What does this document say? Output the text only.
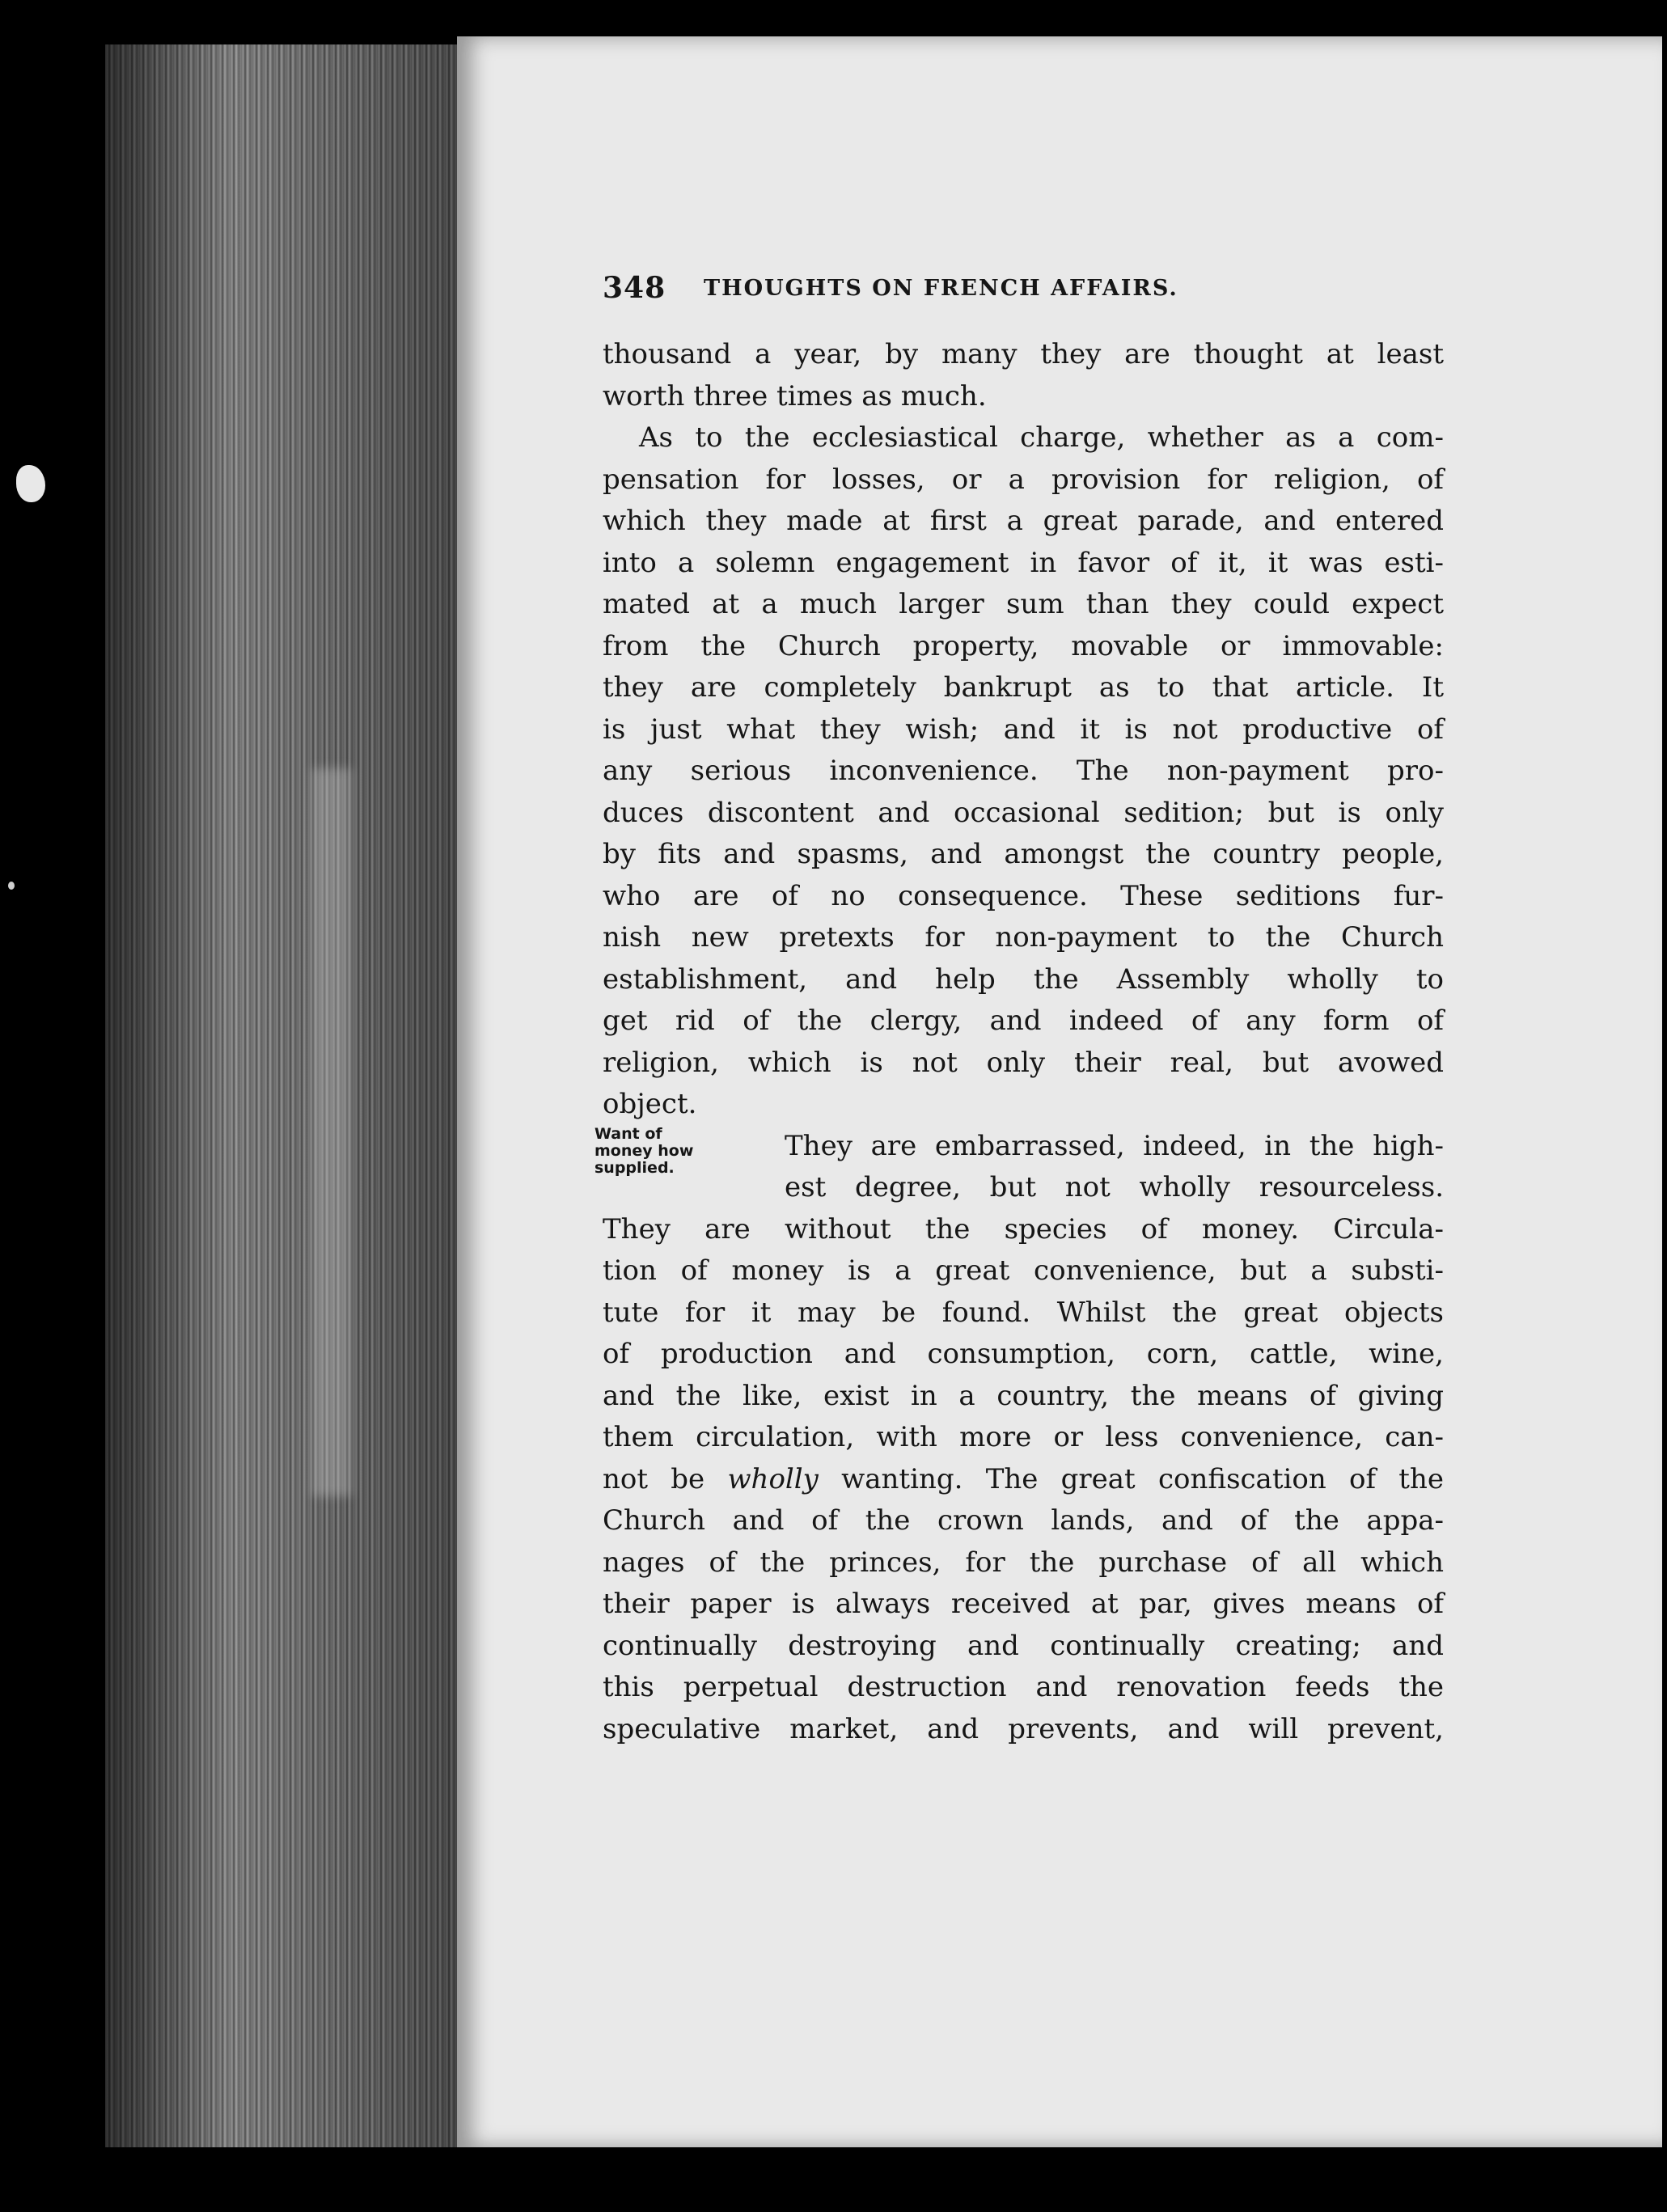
348 THOUGHTS ON FRENCH AFFAIRS.
thousand a year, by many they are thought at least
worth three times as much.
As to the ecclesiastical charge, whether as a com-
pensation for losses, or a provision for religion, of
which they made at first a great parade, and entered
into a solemn engagement in favor of it, it was esti-
mated at a much larger sum than they could expect
from the Church property, movable or immovable:
they are completely bankrupt as to that article. It
is just what they wish; and it is not productive of
any serious inconvenience. The non-payment pro-
duces discontent and occasional sedition; but is only
by fits and spasms, and amongst the country people,
who are of no consequence. These seditions fur-
nish new pretexts for non-payment to the Church
establishment, and help the Assembly wholly to
get rid of the clergy, and indeed of any form of
religion, which is not only their real, but avowed
object.
Want of
money how
supplied.
They are embarrassed, indeed, in the high-
est degree, but not wholly resourceless.
They are without the species of money. Circula-
tion of money is a great convenience, but a substi-
tute for it may be found. Whilst the great objects
of production and consumption, corn, cattle, wine,
and the like, exist in a country, the means of giving
them circulation, with more or less convenience, can-
not be wholly wanting. The great confiscation of the
Church and of the crown lands, and of the appa-
nages of the princes, for the purchase of all which
their paper is always received at par, gives means of
continually destroying and continually creating; and
this perpetual destruction and renovation feeds the
speculative market, and prevents, and will prevent,
